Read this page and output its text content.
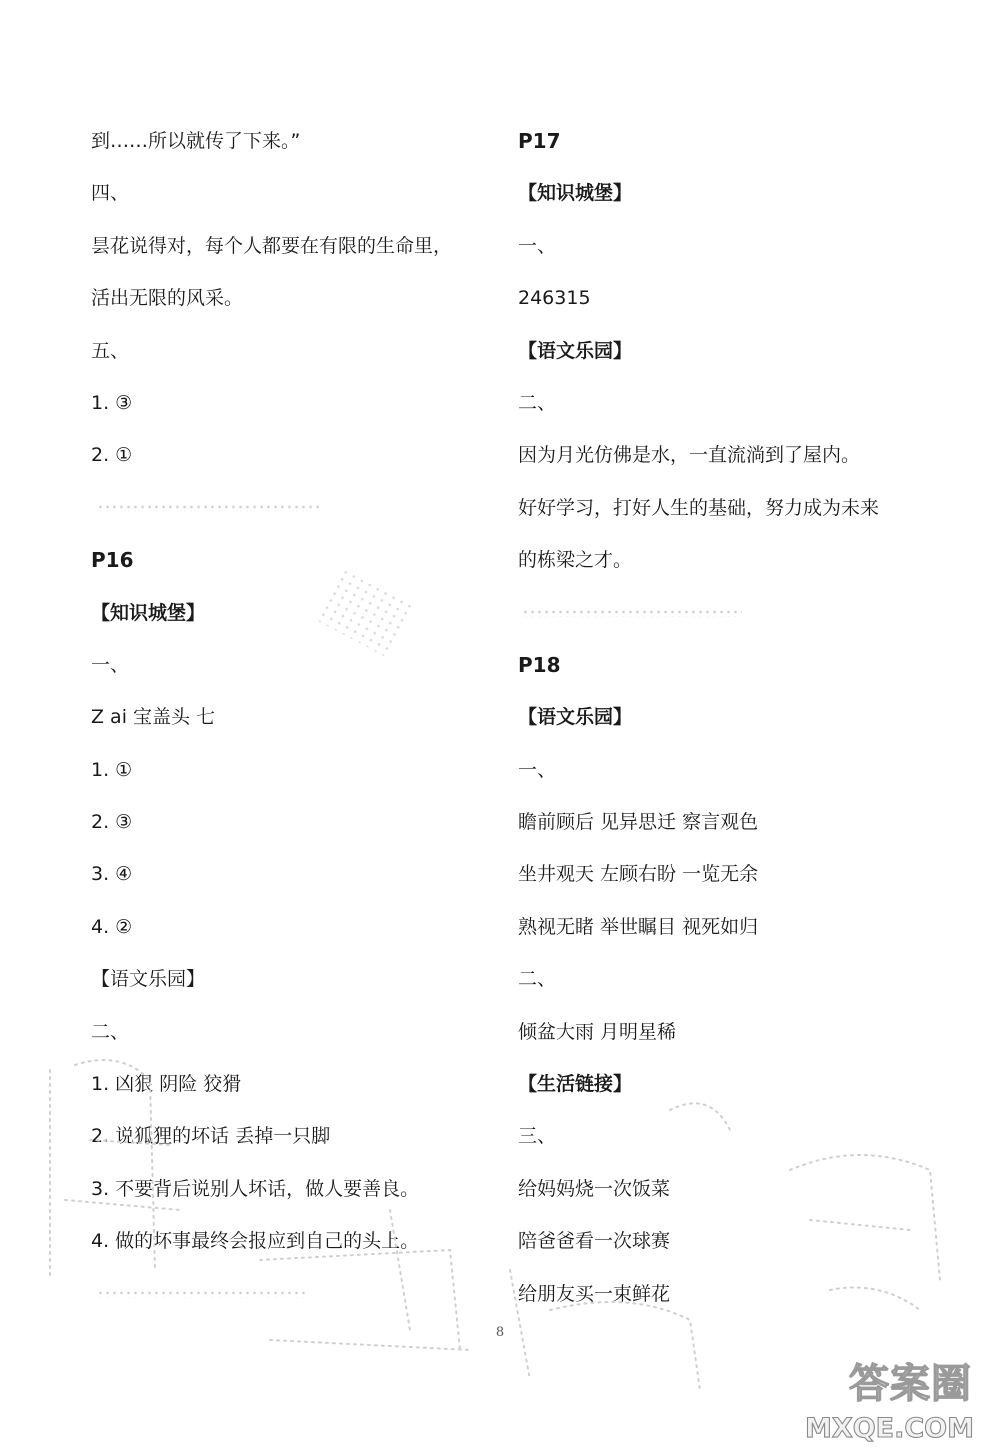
到……所以就传了下来。”
四、
昙花说得对，每个人都要在有限的生命里，
活出无限的风采。
五、
1. ③
2. ①
P16
【知识城堡】
一、
Z ai 宝盖头 七
1. ①
2. ③
3. ④
4. ②
【语文乐园】
二、
1. 凶狠 阴险 狡猾
2. 说狐狸的坏话 丢掉一只脚
3. 不要背后说别人坏话，做人要善良。
4. 做的坏事最终会报应到自己的头上。
P17
【知识城堡】
一、
246315
【语文乐园】
二、
因为月光仿佛是水，一直流淌到了屋内。
好好学习，打好人生的基础，努力成为未来
的栋梁之才。
P18
【语文乐园】
一、
瞻前顾后 见异思迁 察言观色
坐井观天 左顾右盼 一览无余
熟视无睹 举世瞩目 视死如归
二、
倾盆大雨 月明星稀
【生活链接】
三、
给妈妈烧一次饭菜
陪爸爸看一次球赛
给朋友买一束鲜花
8
答案圈
MXQE.COM
